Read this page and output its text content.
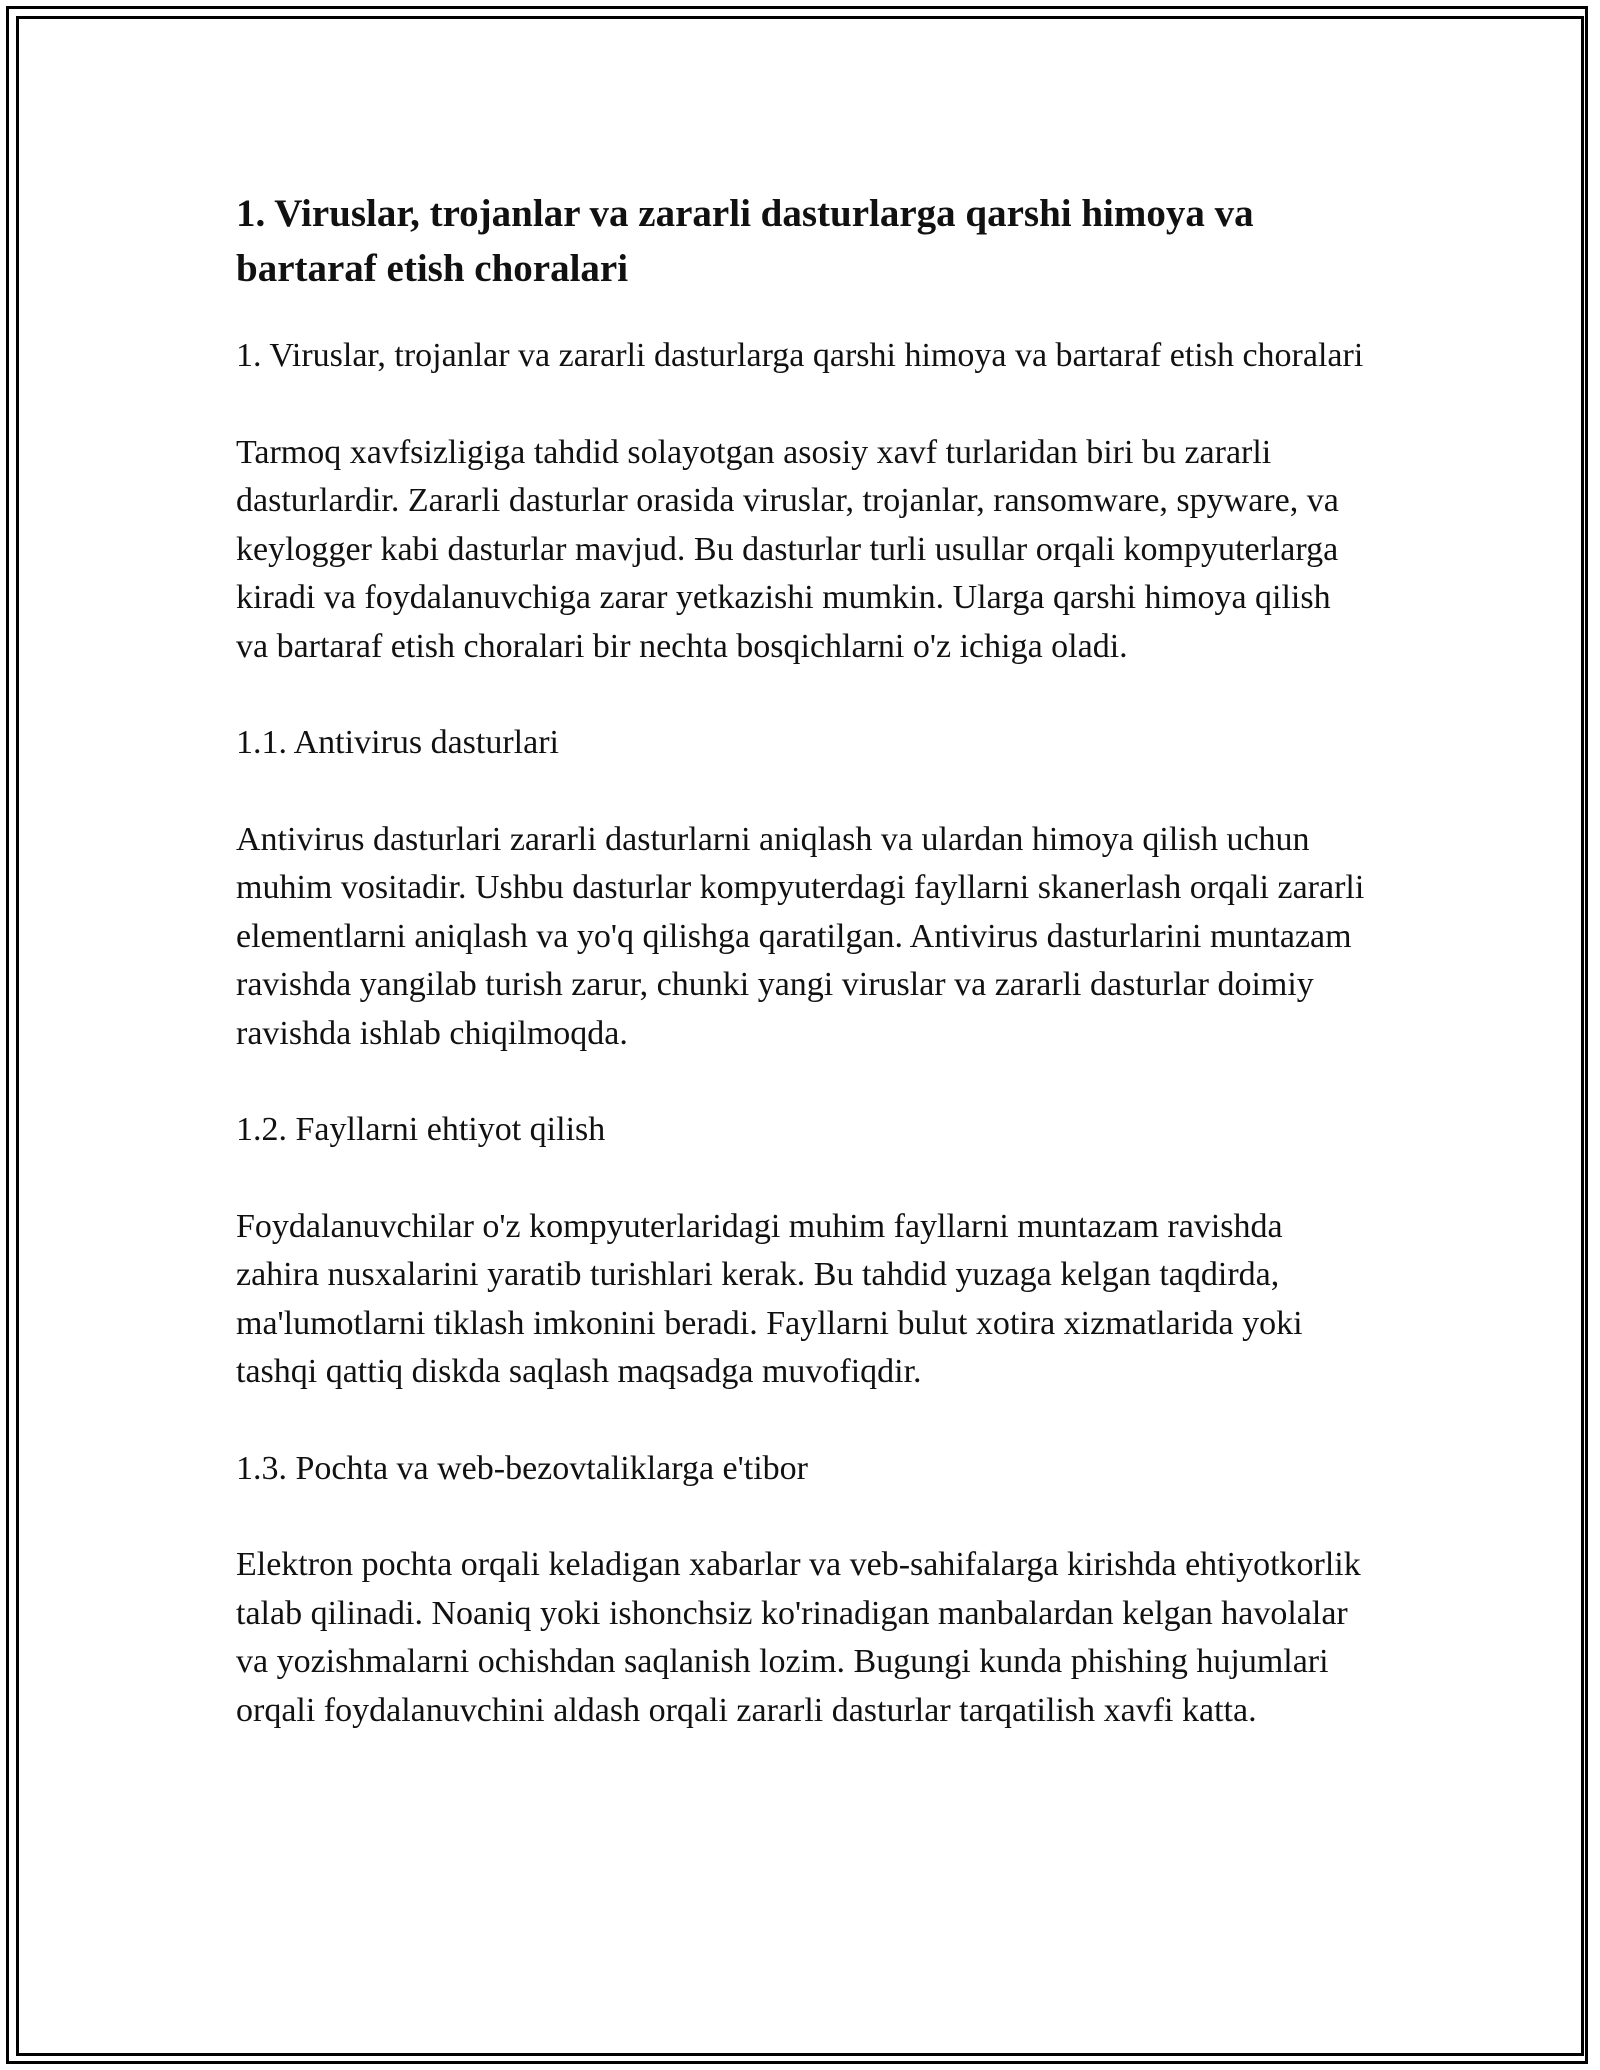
1. Viruslar, trojanlar va zararli dasturlarga qarshi himoya va bartaraf etish choralari

1. Viruslar, trojanlar va zararli dasturlarga qarshi himoya va bartaraf etish choralari

Tarmoq xavfsizligiga tahdid solayotgan asosiy xavf turlaridan biri bu zararli dasturlardir. Zararli dasturlar orasida viruslar, trojanlar, ransomware, spyware, va keylogger kabi dasturlar mavjud. Bu dasturlar turli usullar orqali kompyuterlarga kiradi va foydalanuvchiga zarar yetkazishi mumkin. Ularga qarshi himoya qilish va bartaraf etish choralari bir nechta bosqichlarni o'z ichiga oladi.

1.1. Antivirus dasturlari

Antivirus dasturlari zararli dasturlarni aniqlash va ulardan himoya qilish uchun muhim vositadir. Ushbu dasturlar kompyuterdagi fayllarni skanerlash orqali zararli elementlarni aniqlash va yo'q qilishga qaratilgan. Antivirus dasturlarini muntazam ravishda yangilab turish zarur, chunki yangi viruslar va zararli dasturlar doimiy ravishda ishlab chiqilmoqda.

1.2. Fayllarni ehtiyot qilish

Foydalanuvchilar o'z kompyuterlaridagi muhim fayllarni muntazam ravishda zahira nusxalarini yaratib turishlari kerak. Bu tahdid yuzaga kelgan taqdirda, ma'lumotlarni tiklash imkonini beradi. Fayllarni bulut xotira xizmatlarida yoki tashqi qattiq diskda saqlash maqsadga muvofiqdir.

1.3. Pochta va web-bezovtaliklarga e'tibor

Elektron pochta orqali keladigan xabarlar va veb-sahifalarga kirishda ehtiyotkorlik talab qilinadi. Noaniq yoki ishonchsiz ko'rinadigan manbalardan kelgan havolalar va yozishmalarni ochishdan saqlanish lozim. Bugungi kunda phishing hujumlari orqali foydalanuvchini aldash orqali zararli dasturlar tarqatilish xavfi katta.
